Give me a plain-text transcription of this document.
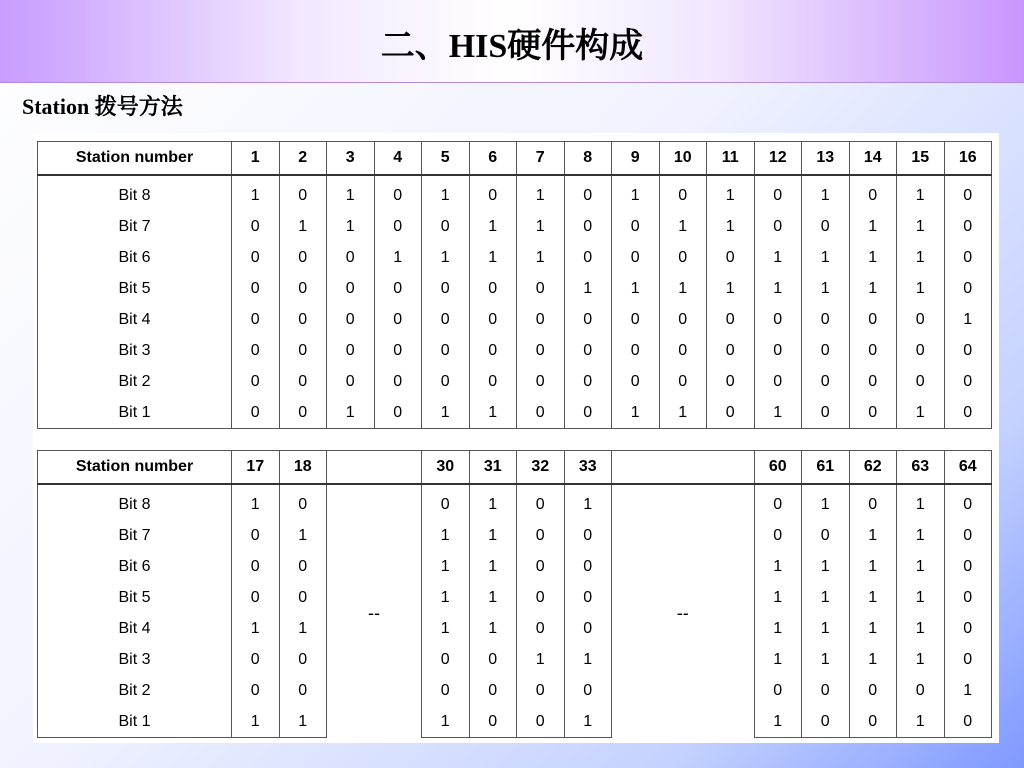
二、HIS硬件构成
Station 拨号方法
Station number	1	2	3	4	5	6	7	8	9	10	11	12	13	14	15	16
Bit 8	1	0	1	0	1	0	1	0	1	0	1	0	1	0	1	0
Bit 7	0	1	1	0	0	1	1	0	0	1	1	0	0	1	1	0
Bit 6	0	0	0	1	1	1	1	0	0	0	0	1	1	1	1	0
Bit 5	0	0	0	0	0	0	0	1	1	1	1	1	1	1	1	0
Bit 4	0	0	0	0	0	0	0	0	0	0	0	0	0	0	0	1
Bit 3	0	0	0	0	0	0	0	0	0	0	0	0	0	0	0	0
Bit 2	0	0	0	0	0	0	0	0	0	0	0	0	0	0	0	0
Bit 1	0	0	1	0	1	1	0	0	1	1	0	1	0	0	1	0
Station number	17	18		30	31	32	33		60	61	62	63	64
Bit 8	1	0	--	0	1	0	1	--	0	1	0	1	0
Bit 7	0	1		1	1	0	0		0	0	1	1	0
Bit 6	0	0		1	1	0	0		1	1	1	1	0
Bit 5	0	0		1	1	0	0		1	1	1	1	0
Bit 4	1	1		1	1	0	0		1	1	1	1	0
Bit 3	0	0		0	0	1	1		1	1	1	1	0
Bit 2	0	0		0	0	0	0		0	0	0	0	1
Bit 1	1	1		1	0	0	1		1	0	0	1	0
